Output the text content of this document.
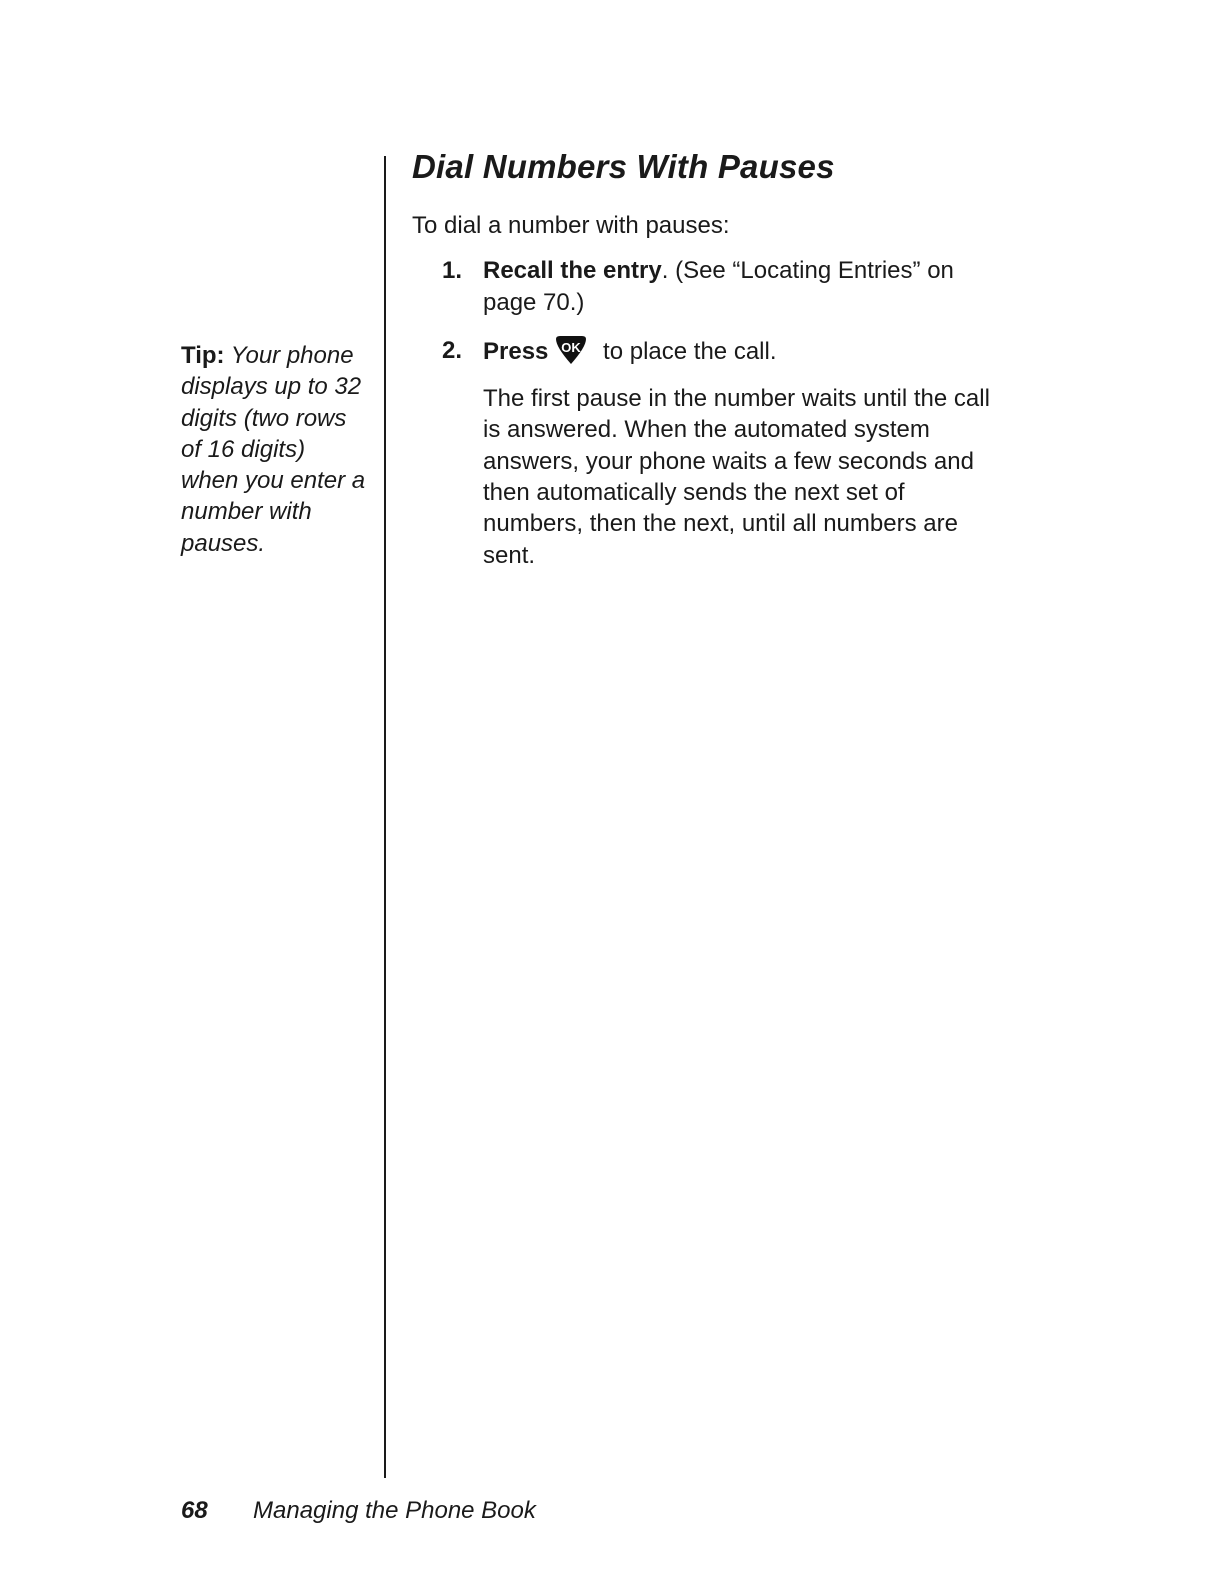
Tip: Your phone displays up to 32 digits (two rows of 16 digits) when you enter a number with pauses.
Dial Numbers With Pauses

To dial a number with pauses:

1. Recall the entry. (See “Locating Entries” on page 70.)
2. Press OK to place the call.

The first pause in the number waits until the call is answered. When the automated system answers, your phone waits a few seconds and then automatically sends the next set of numbers, then the next, until all numbers are sent.

68 Managing the Phone Book
